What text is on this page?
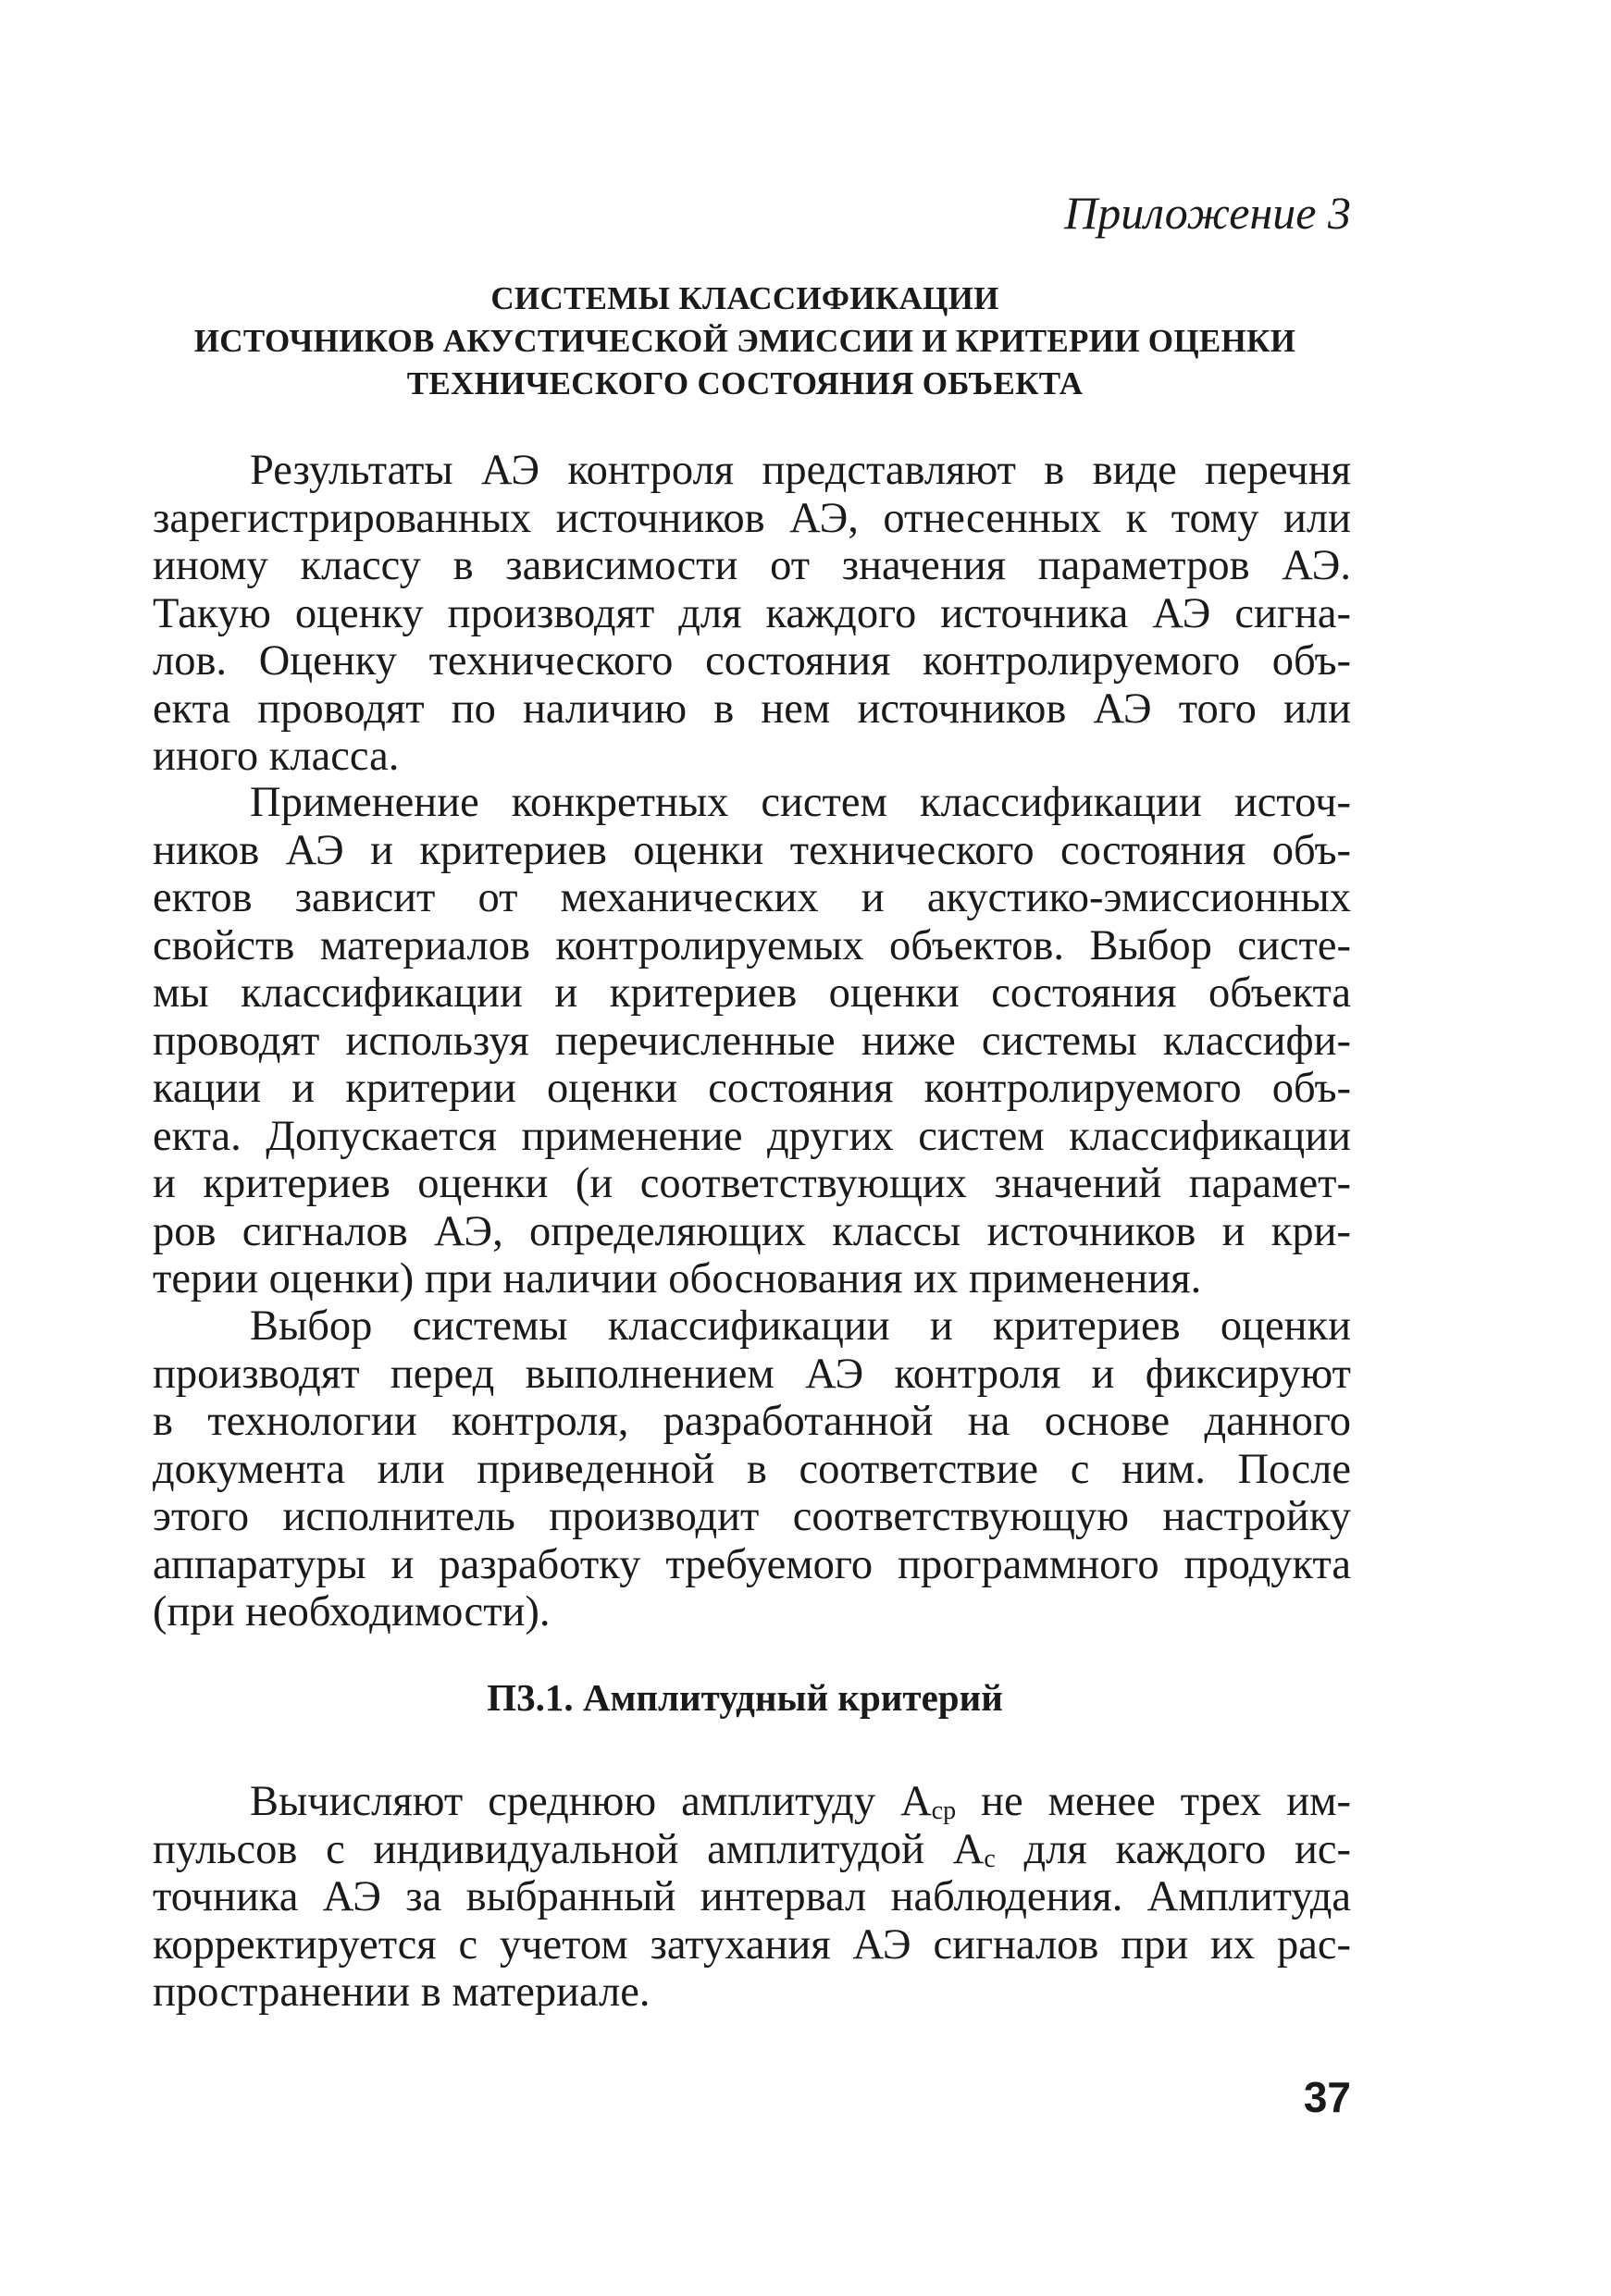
Приложение 3
СИСТЕМЫ КЛАССИФИКАЦИИ
ИСТОЧНИКОВ АКУСТИЧЕСКОЙ ЭМИССИИ И КРИТЕРИИ ОЦЕНКИ
ТЕХНИЧЕСКОГО СОСТОЯНИЯ ОБЪЕКТА
Результаты АЭ контроля представляют в виде перечня
зарегистрированных источников АЭ, отнесенных к тому или
иному классу в зависимости от значения параметров АЭ.
Такую оценку производят для каждого источника АЭ сигна-
лов. Оценку технического состояния контролируемого объ-
екта проводят по наличию в нем источников АЭ того или
иного класса.
Применение конкретных систем классификации источ-
ников АЭ и критериев оценки технического состояния объ-
ектов зависит от механических и акустико-эмиссионных
свойств материалов контролируемых объектов. Выбор систе-
мы классификации и критериев оценки состояния объекта
проводят используя перечисленные ниже системы классифи-
кации и критерии оценки состояния контролируемого объ-
екта. Допускается применение других систем классификации
и критериев оценки (и соответствующих значений парамет-
ров сигналов АЭ, определяющих классы источников и кри-
терии оценки) при наличии обоснования их применения.
Выбор системы классификации и критериев оценки
производят перед выполнением АЭ контроля и фиксируют
в технологии контроля, разработанной на основе данного
документа или приведенной в соответствие с ним. После
этого исполнитель производит соответствующую настройку
аппаратуры и разработку требуемого программного продукта
(при необходимости).
П3.1. Амплитудный критерий
Вычисляют среднюю амплитуду $А_{ср}$ не менее трех им-
пульсов с индивидуальной амплитудой $А_с$ для каждого ис-
точника АЭ за выбранный интервал наблюдения. Амплитуда
корректируется с учетом затухания АЭ сигналов при их рас-
пространении в материале.
37
